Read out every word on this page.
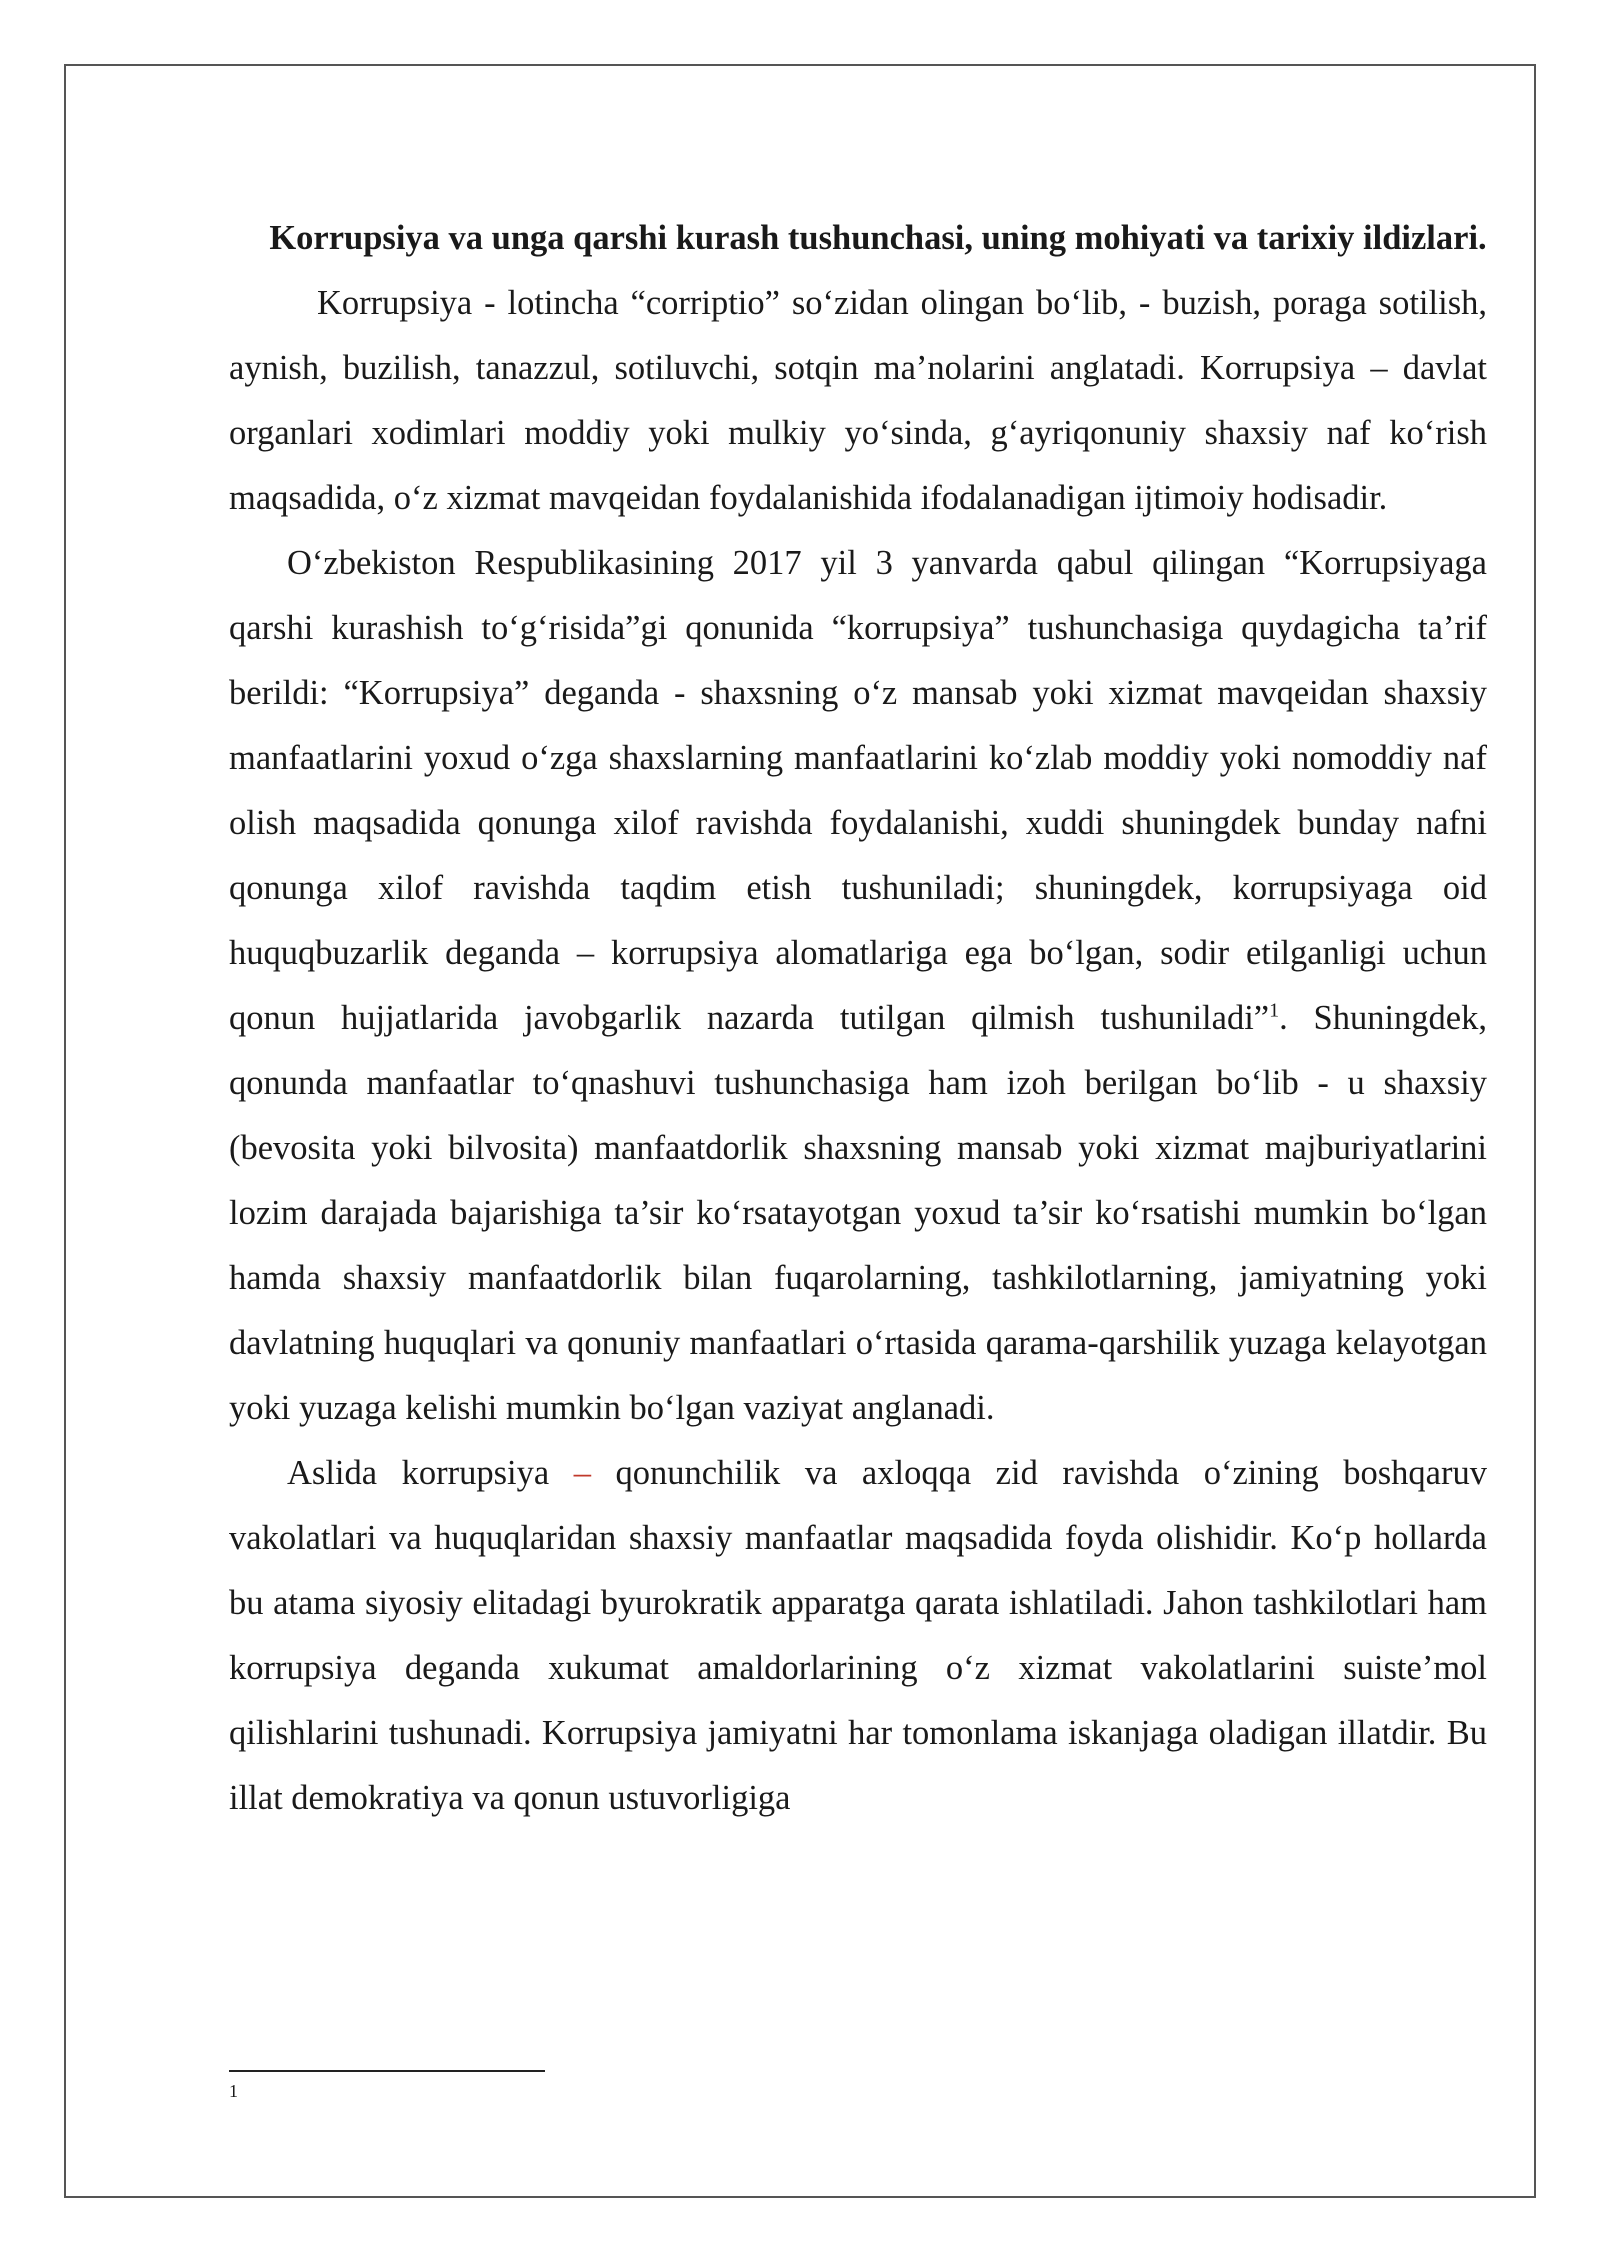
Korrupsiya va unga qarshi kurash tushunchasi, uning mohiyati va tarixiy ildizlari.

Korrupsiya - lotincha “corriptio” so‘zidan olingan bo‘lib, - buzish, poraga sotilish, aynish, buzilish, tanazzul, sotiluvchi, sotqin ma’nolarini anglatadi. Korrupsiya – davlat organlari xodimlari moddiy yoki mulkiy yo‘sinda, g‘ayriqonuniy shaxsiy naf ko‘rish maqsadida, o‘z xizmat mavqeidan foydalanishida ifodalanadigan ijtimoiy hodisadir.

O‘zbekiston Respublikasining 2017 yil 3 yanvarda qabul qilingan “Korrupsiyaga qarshi kurashish to‘g‘risida”gi qonunida “korrupsiya” tushunchasiga quydagicha ta’rif berildi: “Korrupsiya” deganda - shaxsning o‘z mansab yoki xizmat mavqeidan shaxsiy manfaatlarini yoxud o‘zga shaxslarning manfaatlarini ko‘zlab moddiy yoki nomoddiy naf olish maqsadida qonunga xilof ravishda foydalanishi, xuddi shuningdek bunday nafni qonunga xilof ravishda taqdim etish tushuniladi; shuningdek, korrupsiyaga oid huquqbuzarlik deganda – korrupsiya alomatlariga ega bo‘lgan, sodir etilganligi uchun qonun hujjatlarida javobgarlik nazarda tutilgan qilmish tushuniladi”$^1$. Shuningdek, qonunda manfaatlar to‘qnashuvi tushunchasiga ham izoh berilgan bo‘lib - u shaxsiy (bevosita yoki bilvosita) manfaatdorlik shaxsning mansab yoki xizmat majburiyatlarini lozim darajada bajarishiga ta’sir ko‘rsatayotgan yoxud ta’sir ko‘rsatishi mumkin bo‘lgan hamda shaxsiy manfaatdorlik bilan fuqarolarning, tashkilotlarning, jamiyatning yoki davlatning huquqlari va qonuniy manfaatlari o‘rtasida qarama-qarshilik yuzaga kelayotgan yoki yuzaga kelishi mumkin bo‘lgan vaziyat anglanadi.

Aslida korrupsiya – qonunchilik va axloqqa zid ravishda o‘zining boshqaruv vakolatlari va huquqlaridan shaxsiy manfaatlar maqsadida foyda olishidir. Ko‘p hollarda bu atama siyosiy elitadagi byurokratik apparatga qarata ishlatiladi. Jahon tashkilotlari ham korrupsiya deganda xukumat amaldorlarining o‘z xizmat vakolatlarini suiste’mol qilishlarini tushunadi. Korrupsiya jamiyatni har tomonlama iskanjaga oladigan illatdir. Bu illat demokratiya va qonun ustuvorligiga

1
